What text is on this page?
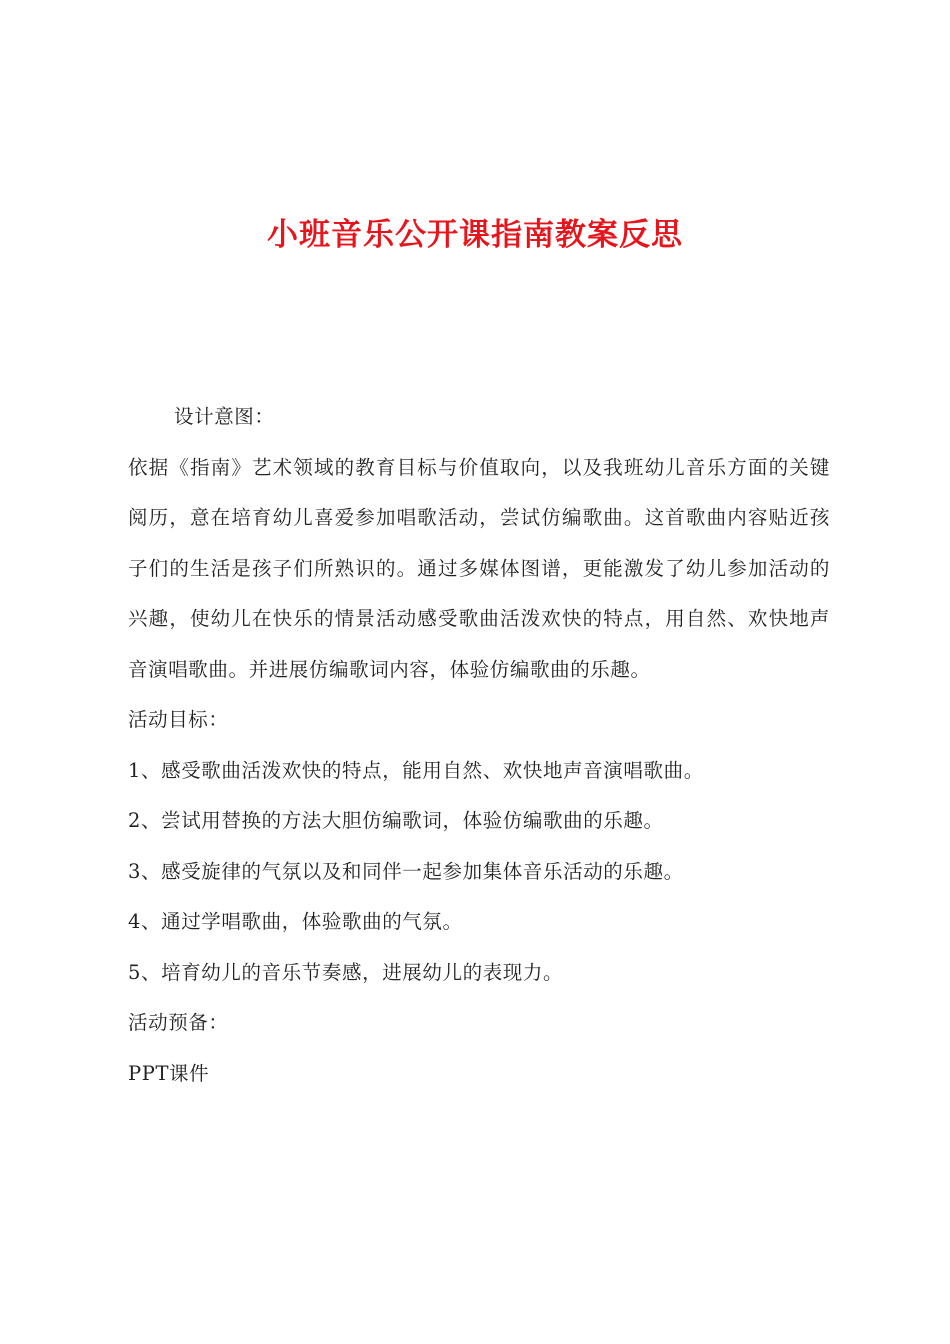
小班音乐公开课指南教案反思

设计意图：

依据《指南》艺术领域的教育目标与价值取向，以及我班幼儿音乐方面的关键阅历，意在培育幼儿喜爱参加唱歌活动，尝试仿编歌曲。这首歌曲内容贴近孩子们的生活是孩子们所熟识的。通过多媒体图谱，更能激发了幼儿参加活动的兴趣，使幼儿在快乐的情景活动感受歌曲活泼欢快的特点，用自然、欢快地声音演唱歌曲。并进展仿编歌词内容，体验仿编歌曲的乐趣。

活动目标：

1、感受歌曲活泼欢快的特点，能用自然、欢快地声音演唱歌曲。

2、尝试用替换的方法大胆仿编歌词，体验仿编歌曲的乐趣。

3、感受旋律的气氛以及和同伴一起参加集体音乐活动的乐趣。

4、通过学唱歌曲，体验歌曲的气氛。

5、培育幼儿的音乐节奏感，进展幼儿的表现力。

活动预备：

PPT课件
